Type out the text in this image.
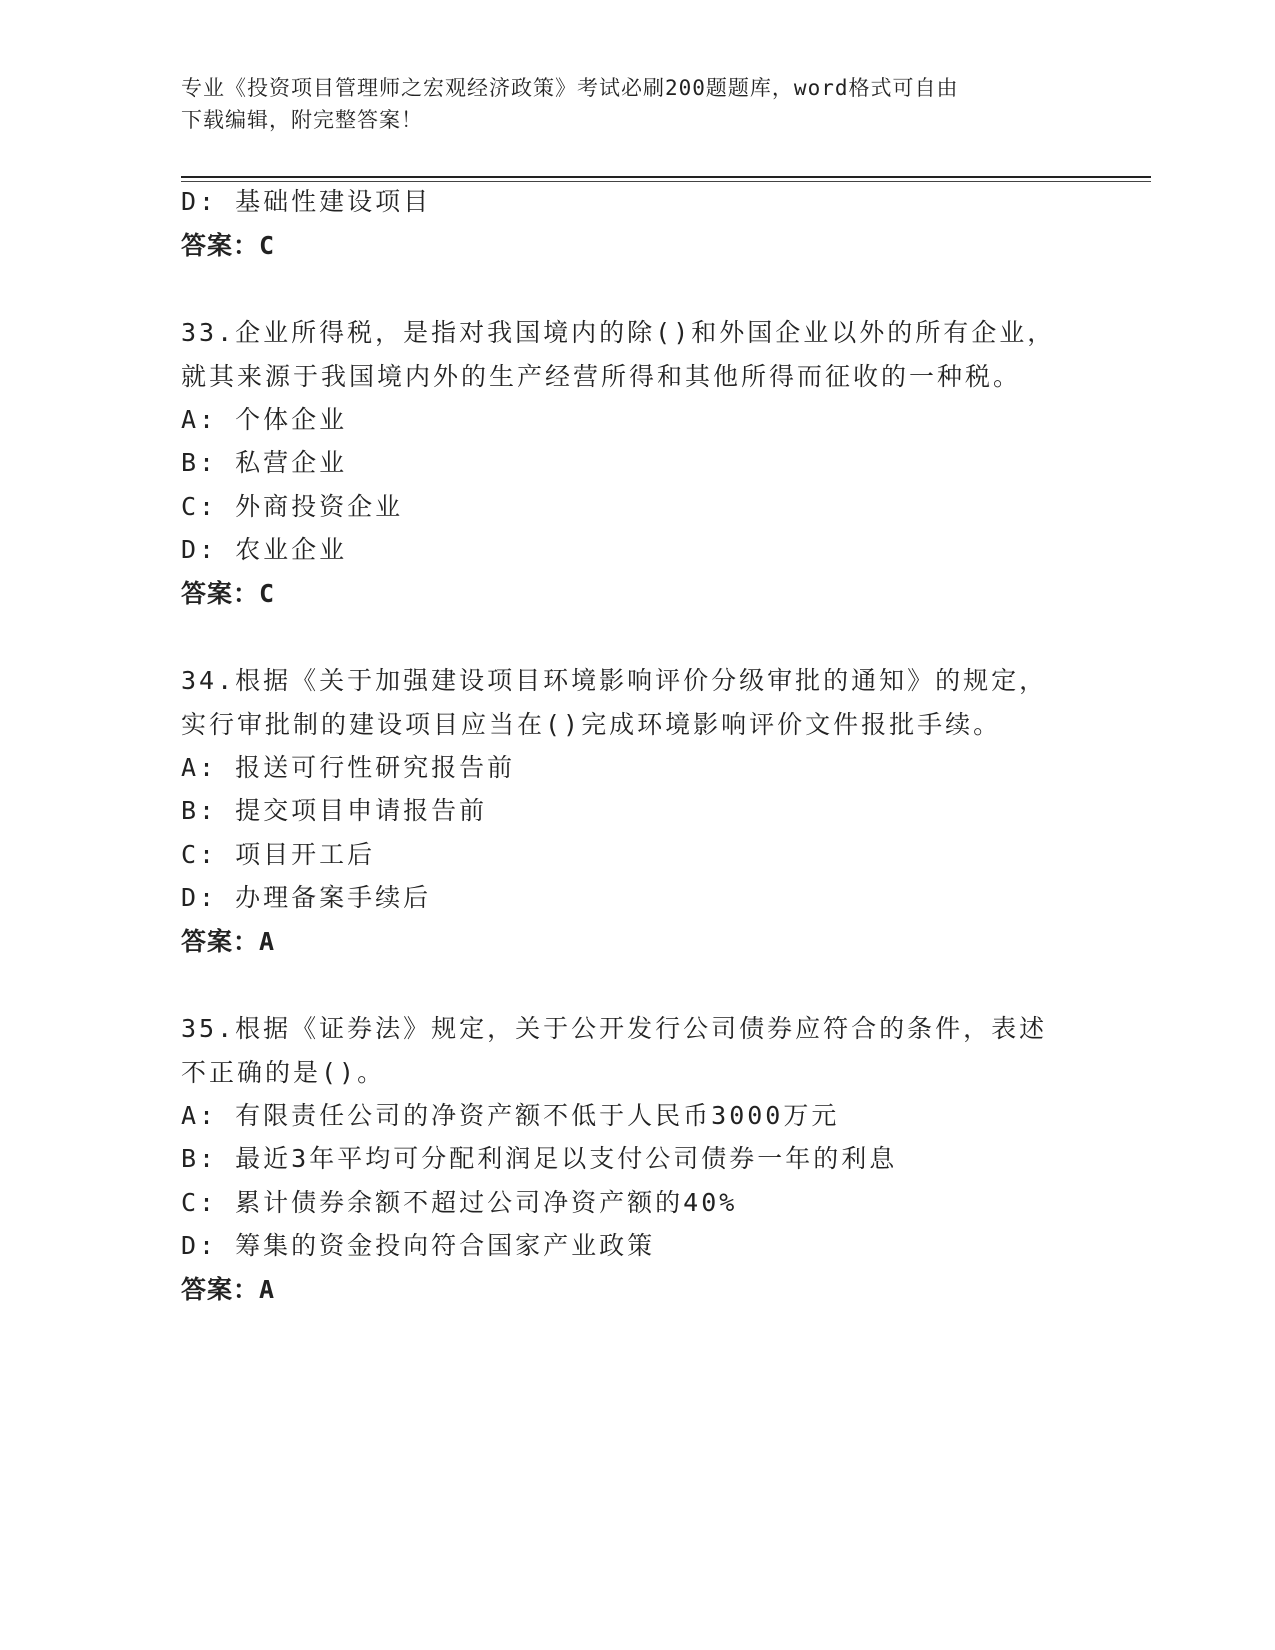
专业《投资项目管理师之宏观经济政策》考试必刷200题题库，word格式可自由
下载编辑，附完整答案！
D: 基础性建设项目
答案：C
33.企业所得税，是指对我国境内的除()和外国企业以外的所有企业，
就其来源于我国境内外的生产经营所得和其他所得而征收的一种税。
A: 个体企业
B: 私营企业
C: 外商投资企业
D: 农业企业
答案：C
34.根据《关于加强建设项目环境影响评价分级审批的通知》的规定，
实行审批制的建设项目应当在()完成环境影响评价文件报批手续。
A: 报送可行性研究报告前
B: 提交项目申请报告前
C: 项目开工后
D: 办理备案手续后
答案：A
35.根据《证券法》规定，关于公开发行公司债券应符合的条件，表述
不正确的是()。
A: 有限责任公司的净资产额不低于人民币3000万元
B: 最近3年平均可分配利润足以支付公司债券一年的利息
C: 累计债券余额不超过公司净资产额的40%
D: 筹集的资金投向符合国家产业政策
答案：A
